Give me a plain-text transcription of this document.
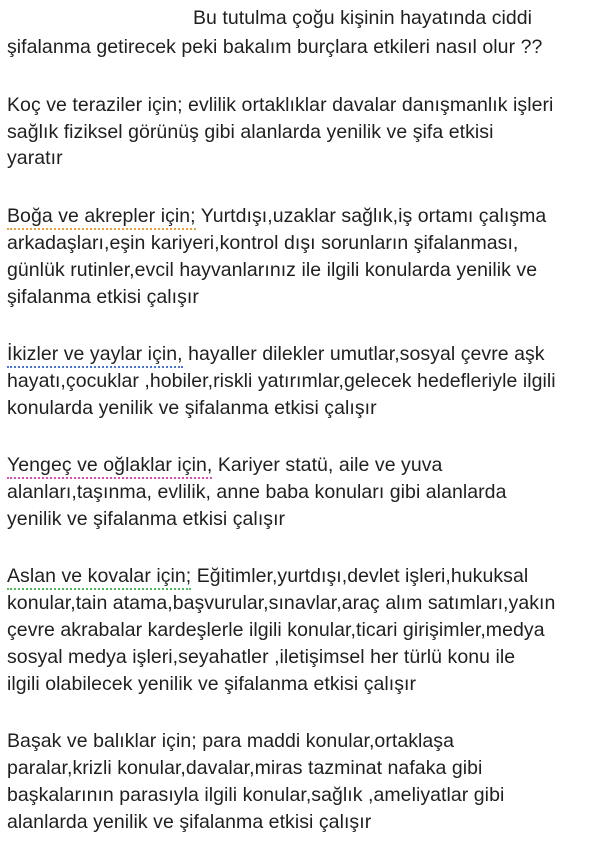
Bu tutulma çoğu kişinin hayatında ciddi
şifalanma getirecek peki bakalım burçlara etkileri nasıl olur ??
Koç ve teraziler için; evlilik ortaklıklar davalar danışmanlık işleri
sağlık fiziksel görünüş gibi alanlarda yenilik ve şifa etkisi
yaratır
Boğa ve akrepler için; Yurtdışı,uzaklar sağlık,iş ortamı çalışma
arkadaşları,eşin kariyeri,kontrol dışı sorunların şifalanması,
günlük rutinler,evcil hayvanlarınız ile ilgili konularda yenilik ve
şifalanma etkisi çalışır
İkizler ve yaylar için, hayaller dilekler umutlar,sosyal çevre aşk
hayatı,çocuklar ,hobiler,riskli yatırımlar,gelecek hedefleriyle ilgili
konularda yenilik ve şifalanma etkisi çalışır
Yengeç ve oğlaklar için, Kariyer statü, aile ve yuva
alanları,taşınma, evlilik, anne baba konuları gibi alanlarda
yenilik ve şifalanma etkisi çalışır
Aslan ve kovalar için; Eğitimler,yurtdışı,devlet işleri,hukuksal
konular,tain atama,başvurular,sınavlar,araç alım satımları,yakın
çevre akrabalar kardeşlerle ilgili konular,ticari girişimler,medya
sosyal medya işleri,seyahatler ,iletişimsel her türlü konu ile
ilgili olabilecek yenilik ve şifalanma etkisi çalışır
Başak ve balıklar için; para maddi konular,ortaklaşa
paralar,krizli konular,davalar,miras tazminat nafaka gibi
başkalarının parasıyla ilgili konular,sağlık ,ameliyatlar gibi
alanlarda yenilik ve şifalanma etkisi çalışır
